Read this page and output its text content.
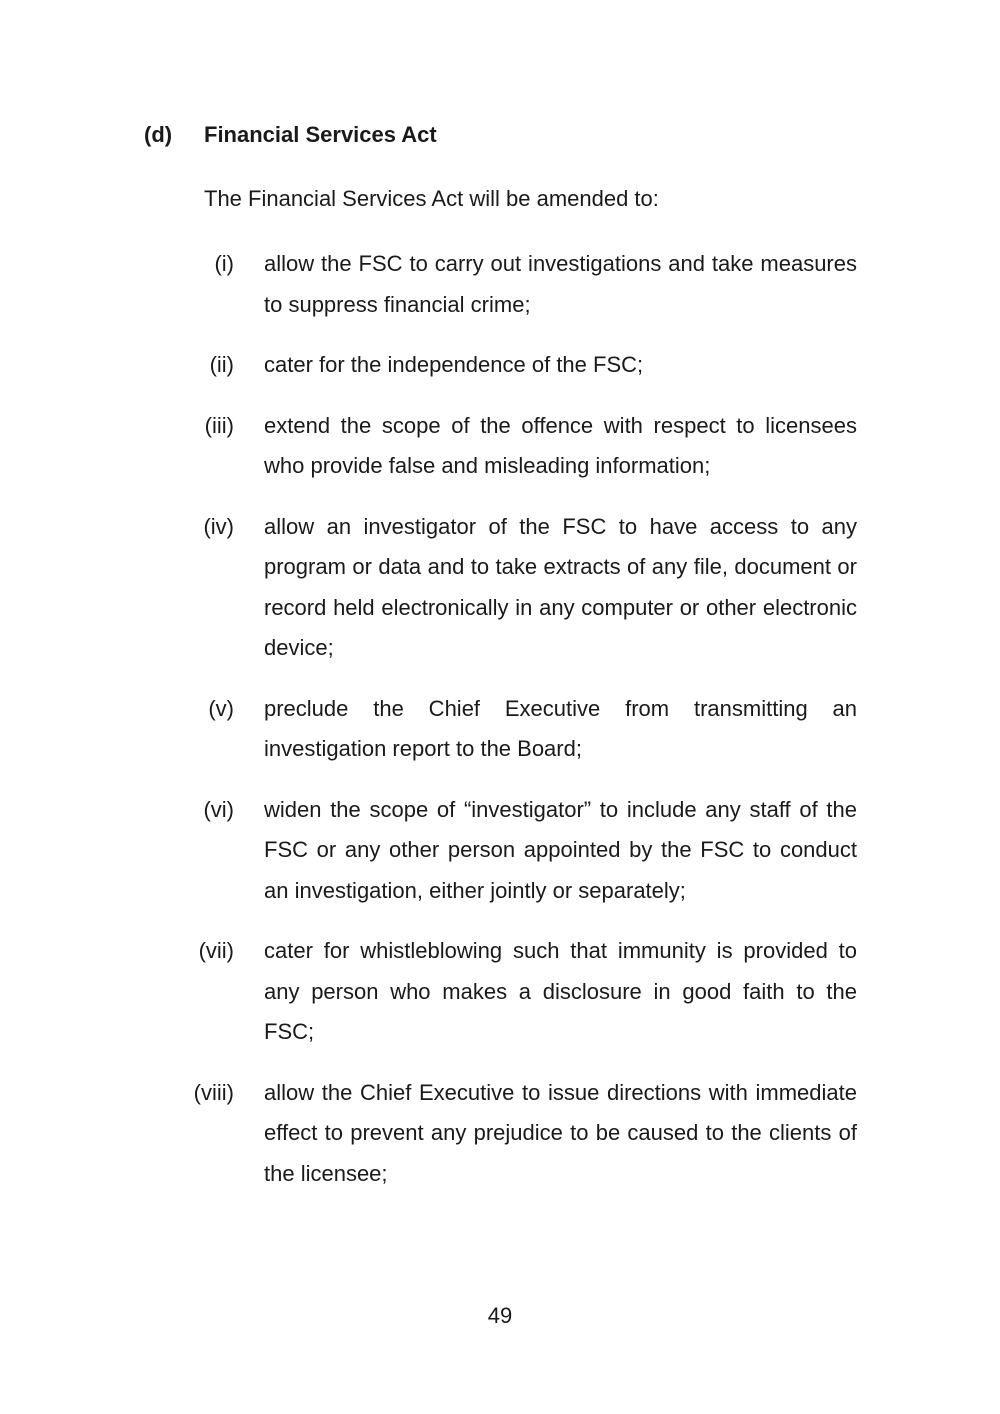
(d) Financial Services Act
The Financial Services Act will be amended to:
(i) allow the FSC to carry out investigations and take measures to suppress financial crime;
(ii) cater for the independence of the FSC;
(iii) extend the scope of the offence with respect to licensees who provide false and misleading information;
(iv) allow an investigator of the FSC to have access to any program or data and to take extracts of any file, document or record held electronically in any computer or other electronic device;
(v) preclude the Chief Executive from transmitting an investigation report to the Board;
(vi) widen the scope of “investigator” to include any staff of the FSC or any other person appointed by the FSC to conduct an investigation, either jointly or separately;
(vii) cater for whistleblowing such that immunity is provided to any person who makes a disclosure in good faith to the FSC;
(viii) allow the Chief Executive to issue directions with immediate effect to prevent any prejudice to be caused to the clients of the licensee;
49
